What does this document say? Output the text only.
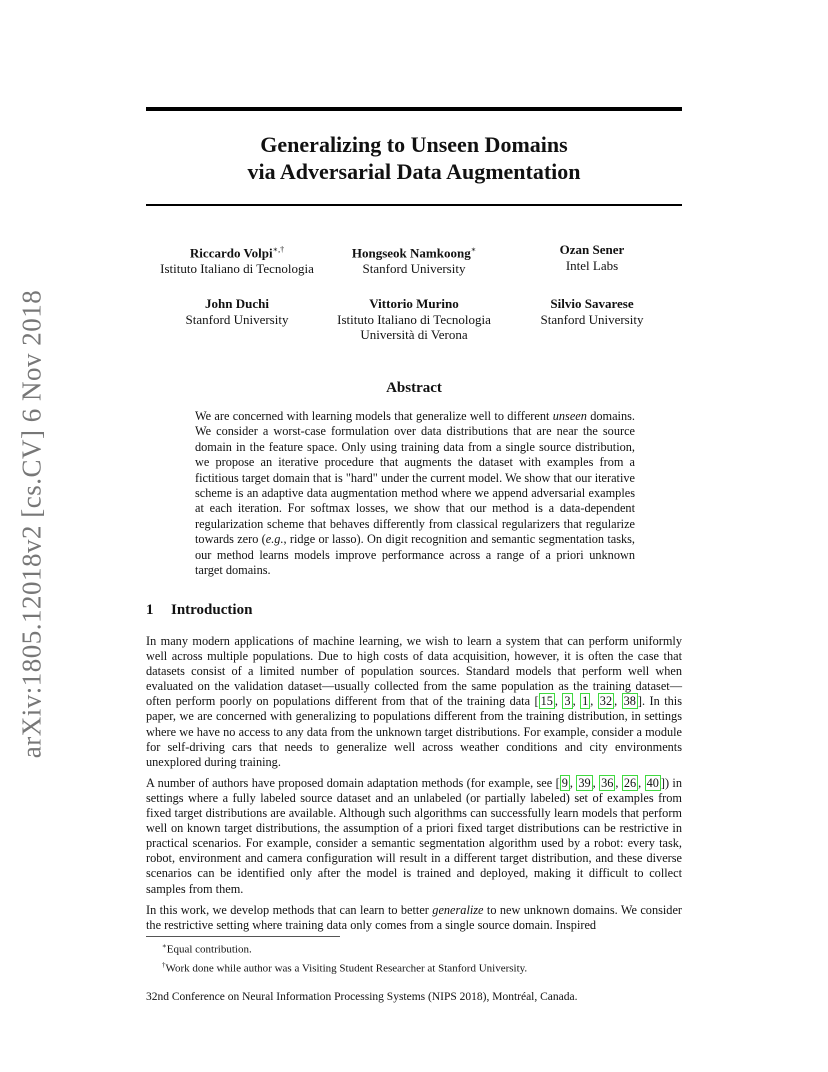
arXiv:1805.12018v2 [cs.CV] 6 Nov 2018
Generalizing to Unseen Domains
via Adversarial Data Augmentation
Riccardo Volpi∗,†
Istituto Italiano di Tecnologia
Hongseok Namkoong∗
Stanford University
Ozan Sener
Intel Labs
John Duchi
Stanford University
Vittorio Murino
Istituto Italiano di Tecnologia
Università di Verona
Silvio Savarese
Stanford University
Abstract
We are concerned with learning models that generalize well to different unseen domains. We consider a worst-case formulation over data distributions that are near the source domain in the feature space. Only using training data from a single source distribution, we propose an iterative procedure that augments the dataset with examples from a fictitious target domain that is "hard" under the current model. We show that our iterative scheme is an adaptive data augmentation method where we append adversarial examples at each iteration. For softmax losses, we show that our method is a data-dependent regularization scheme that behaves differently from classical regularizers that regularize towards zero (e.g., ridge or lasso). On digit recognition and semantic segmentation tasks, our method learns models improve performance across a range of a priori unknown target domains.
1 Introduction

In many modern applications of machine learning, we wish to learn a system that can perform uniformly well across multiple populations. Due to high costs of data acquisition, however, it is often the case that datasets consist of a limited number of population sources. Standard models that perform well when evaluated on the validation dataset—usually collected from the same population as the training dataset—often perform poorly on populations different from that of the training data [ 15 , 3 , 1 , 32 , 38 ]. In this paper, we are concerned with generalizing to populations different from the training distribution, in settings where we have no access to any data from the unknown target distributions. For example, consider a module for self-driving cars that needs to generalize well across weather conditions and city environments unexplored during training.

A number of authors have proposed domain adaptation methods (for example, see [ 9 , 39 , 36 , 26 , 40 ]) in settings where a fully labeled source dataset and an unlabeled (or partially labeled) set of examples from fixed target distributions are available. Although such algorithms can successfully learn models that perform well on known target distributions, the assumption of a priori fixed target distributions can be restrictive in practical scenarios. For example, consider a semantic segmentation algorithm used by a robot: every task, robot, environment and camera configuration will result in a different target distribution, and these diverse scenarios can be identified only after the model is trained and deployed, making it difficult to collect samples from them.

In this work, we develop methods that can learn to better generalize to new unknown domains. We consider the restrictive setting where training data only comes from a single source domain. Inspired

∗Equal contribution.
†Work done while author was a Visiting Student Researcher at Stanford University.
32nd Conference on Neural Information Processing Systems (NIPS 2018), Montréal, Canada.
